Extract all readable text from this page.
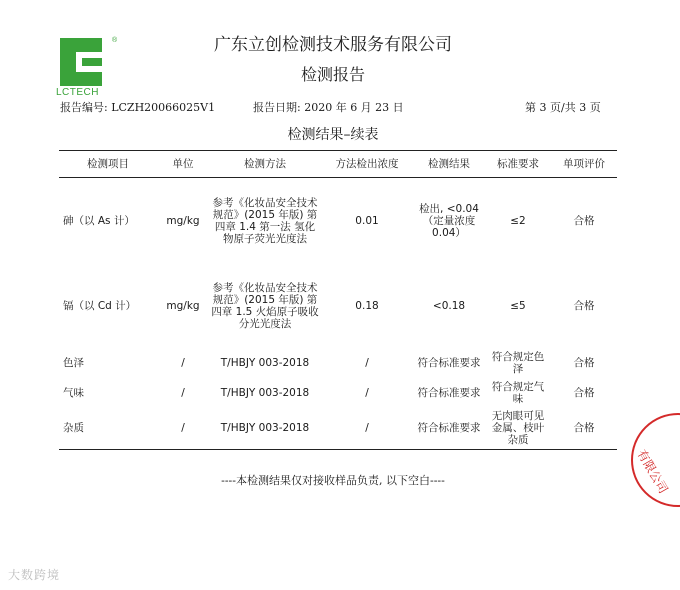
®
LCTECH
广东立创检测技术服务有限公司
检测报告
报告编号: LCZH20066025V1	报告日期: 2020 年 6 月 23 日	第 3 页/共 3 页
检测结果–续表
检测项目	单位	检测方法	方法检出浓度	检测结果	标准要求	单项评价
砷（以 As 计）	mg/kg	参考《化妆品安全技术规范》(2015 年版) 第四章 1.4 第一法 氢化物原子荧光光度法	0.01	检出, <0.04（定量浓度 0.04）	≤2	合格
镉（以 Cd 计）	mg/kg	参考《化妆品安全技术规范》(2015 年版) 第四章 1.5 火焰原子吸收分光光度法	0.18	<0.18	≤5	合格
色泽	/	T/HBJY 003-2018	/	符合标准要求	符合规定色泽	合格
气味	/	T/HBJY 003-2018	/	符合标准要求	符合规定气味	合格
杂质	/	T/HBJY 003-2018	/	符合标准要求	无肉眼可见金属、枝叶杂质	合格
----本检测结果仅对接收样品负责, 以下空白----	有限公司
大数跨境
